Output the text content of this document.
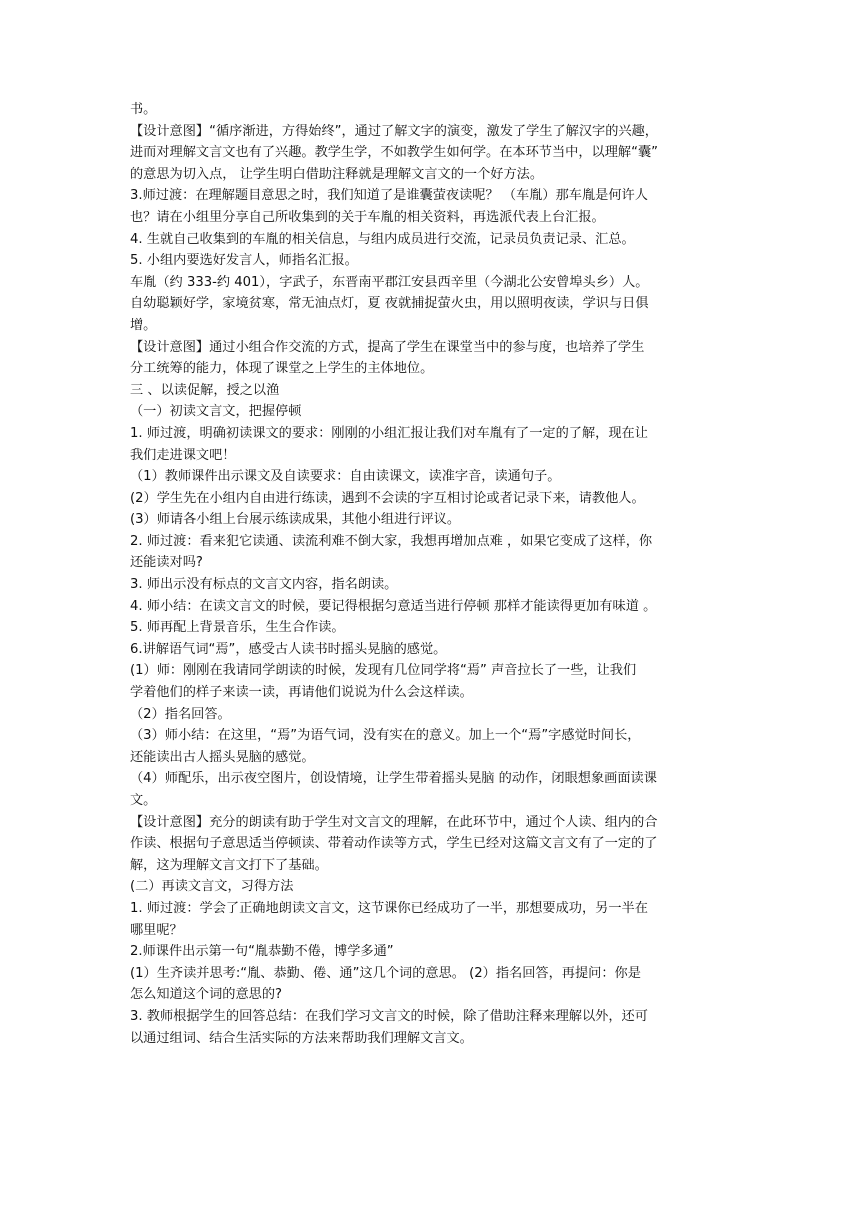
书。
【设计意图】“循序渐进，方得始终”，通过了解文字的演变，激发了学生了解汉字的兴趣，
进而对理解文言文也有了兴趣。教学生学，不如教学生如何学。在本环节当中，以理解“囊”
的意思为切入点， 让学生明白借助注释就是理解文言文的一个好方法。
3.师过渡：在理解题目意思之时，我们知道了是谁囊萤夜读呢？ （车胤）那车胤是何许人
也？请在小组里分享自己所收集到的关于车胤的相关资料，再选派代表上台汇报。
4. 生就自己收集到的车胤的相关信息，与组内成员进行交流，记录员负责记录、汇总。
5. 小组内要选好发言人，师指名汇报。
车胤（约 333-约 401），字武子，东晋南平郡江安县西辛里（今湖北公安曾埠头乡）人。
自幼聪颖好学，家境贫寒，常无油点灯，夏 夜就捕捉萤火虫，用以照明夜读，学识与日俱
增。
【设计意图】通过小组合作交流的方式，提高了学生在课堂当中的参与度，也培养了学生
分工统筹的能力，体现了课堂之上学生的主体地位。
三 、以读促解，授之以渔
（一）初读文言文，把握停顿
1. 师过渡，明确初读课文的要求：刚刚的小组汇报让我们对车胤有了一定的了解，现在让
我们走进课文吧！
（1）教师课件出示课文及自读要求：自由读课文，读准字音，读通句子。
(2）学生先在小组内自由进行练读，遇到不会读的字互相讨论或者记录下来，请教他人。
(3）师请各小组上台展示练读成果，其他小组进行评议。
2. 师过渡：看来犯它读通、读流利难不倒大家，我想再增加点难 ，如果它变成了这样，你
还能读对吗?
3. 师出示没有标点的文言文内容，指名朗读。
4. 师小结：在读文言文的时候，要记得根据匀意适当进行停顿 那样才能读得更加有味道 。
5. 师再配上背景音乐，生生合作读。
6.讲解语气词“焉”，感受古人读书时摇头晃脑的感觉。
(1）师：刚刚在我请同学朗读的时候，发现有几位同学将“焉” 声音拉长了一些，让我们
学着他们的样子来读一读，再请他们说说为什么会这样读。
（2）指名回答。
（3）师小结：在这里，“焉”为语气词，没有实在的意义。加上一个“焉”字感觉时间长，
还能读出古人摇头晃脑的感觉。
（4）师配乐，出示夜空图片，创设情境，让学生带着摇头晃脑 的动作，闭眼想象画面读课
文。
【设计意图】充分的朗读有助于学生对文言文的理解，在此环节中，通过个人读、组内的合
作读、根据句子意思适当停顿读、带着动作读等方式，学生已经对这篇文言文有了一定的了
解，这为理解文言文打下了基础。
(二）再读文言文，习得方法
1. 师过渡：学会了正确地朗读文言文，这节课你已经成功了一半，那想要成功，另一半在
哪里呢？
2.师课件出示第一句“胤恭勤不倦，博学多通”
(1）生齐读并思考:“胤、恭勤、倦、通”这几个词的意思。 (2）指名回答，再提问：你是
怎么知道这个词的意思的?
3. 教师根据学生的回答总结：在我们学习文言文的时候，除了借助注释来理解以外，还可
以通过组词、结合生活实际的方法来帮助我们理解文言文。
